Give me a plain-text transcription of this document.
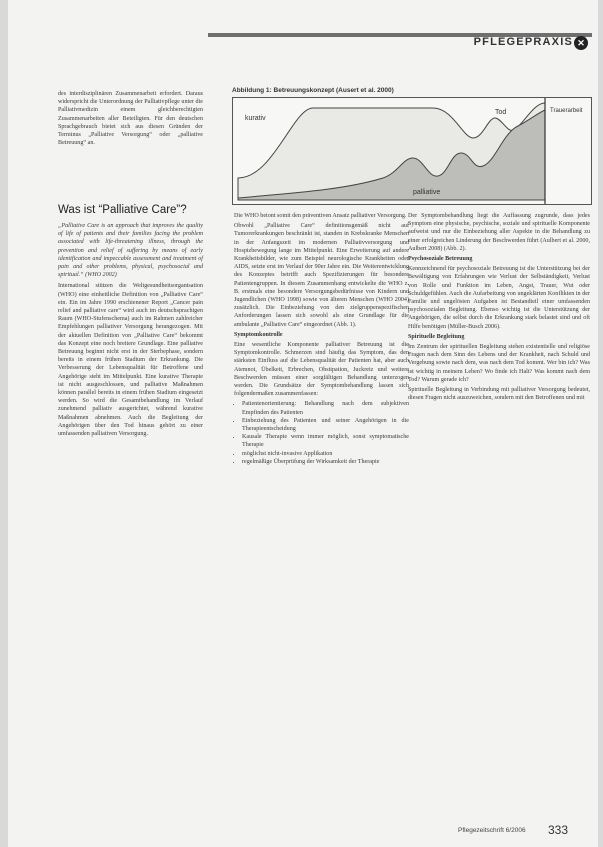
PFLEGEPRAXIS ✕

des interdisziplinären Zusammenarbeit erfordert. Daraus widerspricht die Unterordnung der Palliativpflege unter die Palliativmedizin einem gleichberechtigten Zusammenarbeiten aller Beteiligten. Für den deutschen Sprachgebrauch bietet sich aus diesen Gründen der Terminus „Palliative Versorgung“ oder „palliative Betreuung“ an.

Was ist “Palliative Care”?

„Palliative Care is an approach that improves the quality of life of patients and their families facing the problem associated with life-threatening illness, through the prevention and relief of suffering by means of early identification and impeccable assessment and treatment of pain and other problems, physical, psychosocial and spiritual.“ (WHO 2002)

International stützen die Weltgesundheitsorganisation (WHO) eine einheitliche Definition von „Palliative Care“ ein. Ein im Jahre 1990 erschienener Report „Cancer pain relief and palliative care“ wird auch im deutschsprachigen Raum (WHO-Stufenschema) auch im Rahmen zahlreicher Empfehlungen palliativer Versorgung herangezogen. Mit der aktuellen Definition von „Palliative Care“ bekommt das Konzept eine noch breitere Grundlage. Eine palliative Betreuung beginnt nicht erst in der Sterbephase, sondern bereits in einem frühen Stadium der Erkrankung. Die Verbesserung der Lebensqualität für Betroffene und Angehörige steht im Mittelpunkt. Eine kurative Therapie ist nicht ausgeschlossen, und palliative Maßnahmen können parallel bereits in einem frühen Stadium eingesetzt werden. So wird die Gesamtbehandlung im Verlauf zunehmend palliativ ausgerichtet, während kurative Maßnahmen abnehmen. Auch die Begleitung der Angehörigen über den Tod hinaus gehört zu einer umfassenden palliativen Versorgung.

Abbildung 1: Betreuungskonzept (Ausert et al. 2000)
kurativ
palliative
Tod	Trauerarbeit

Die WHO betont somit den präventiven Ansatz palliativer Versorgung.

Obwohl „Palliative Care“ definitionsgemäß nicht auf Tumorerkrankungen beschränkt ist, standen in Krebskranke Menschen in der Anfangszeit im modernen Palliativversorgung und Hospizbewegung lange im Mittelpunkt. Eine Erweiterung auf andere Krankheitsbilder, wie zum Beispiel neurologische Krankheiten oder AIDS, setzte erst im Verlauf der 90er Jahre ein. Die Weiterentwicklung des Konzeptes betrifft auch Spezifizierungen für besondere Patientengruppen. In diesem Zusammenhang entwickelte die WHO z. B. erstmals eine besondere Versorgungsbedürfnisse von Kindern und Jugendlichen (WHO 1998) sowie von älteren Menschen (WHO 2004) zusätzlich. Die Einbeziehung von den zielgruppenspezifischen Anforderungen lassen sich sowohl als eine Grundlage für die ambulante „Palliative Care“ eingeordnet (Abb. 1).

Symptomkontrolle

Eine wesentliche Komponente palliativer Betreuung ist die Symptomkontrolle. Schmerzen sind häufig das Symptom, das den stärksten Einfluss auf die Lebensqualität der Patienten hat, aber auch Atemnot, Übelkeit, Erbrechen, Obstipation, Juckreiz und weitere Beschwerden müssen einer sorgfältigen Behandlung unterzogen werden. Die Grundsätze der Symptombehandlung lassen sich folgendermaßen zusammenfassen:

• Patientenorientierung: Behandlung nach dem subjektiven Empfinden des Patienten
• Einbeziehung des Patienten und seiner Angehörigen in die Therapieentscheidung
• Kausale Therapie wenn immer möglich, sonst symptomatische Therapie
• möglichst nicht-invasive Applikation
• regelmäßige Überprüfung der Wirksamkeit der Therapie

Der Symptombehandlung liegt die Auffassung zugrunde, dass jedes Symptom eine physische, psychische, soziale und spirituelle Komponente aufweist und nur die Einbeziehung aller Aspekte in die Behandlung zu einer erfolgreichen Linderung der Beschwerden führt (Aulbert et al. 2000, Aulbert 2008) (Abb. 2).

Psychosoziale Betreuung

Kennzeichnend für psychosoziale Betreuung ist die Unterstützung bei der Bewältigung von Erfahrungen wie Verlust der Selbständigkeit, Verlust von Rolle und Funktion im Leben, Angst, Trauer, Wut oder Schuldgefühlen. Auch die Aufarbeitung von ungeklärten Konflikten in der Familie und ungelösten Aufgaben ist Bestandteil einer umfassenden psychosozialen Begleitung. Ebenso wichtig ist die Unterstützung der Angehörigen, die selbst durch die Erkrankung stark belastet sind und oft Hilfe benötigen (Müller-Busch 2006).

Spirituelle Begleitung

Im Zentrum der spirituellen Begleitung stehen existentielle und religiöse Fragen nach dem Sinn des Lebens und der Krankheit, nach Schuld und Vergebung sowie nach dem, was nach dem Tod kommt. Wer bin ich? Was ist wichtig in meinem Leben? Wo finde ich Halt? Was kommt nach dem Tod? Warum gerade ich?

Spirituelle Begleitung in Verbindung mit palliativer Versorgung bedeutet, diesen Fragen nicht auszuweichen, sondern mit den Betroffenen und mit

Pflegezeitschrift 6/2006 333
